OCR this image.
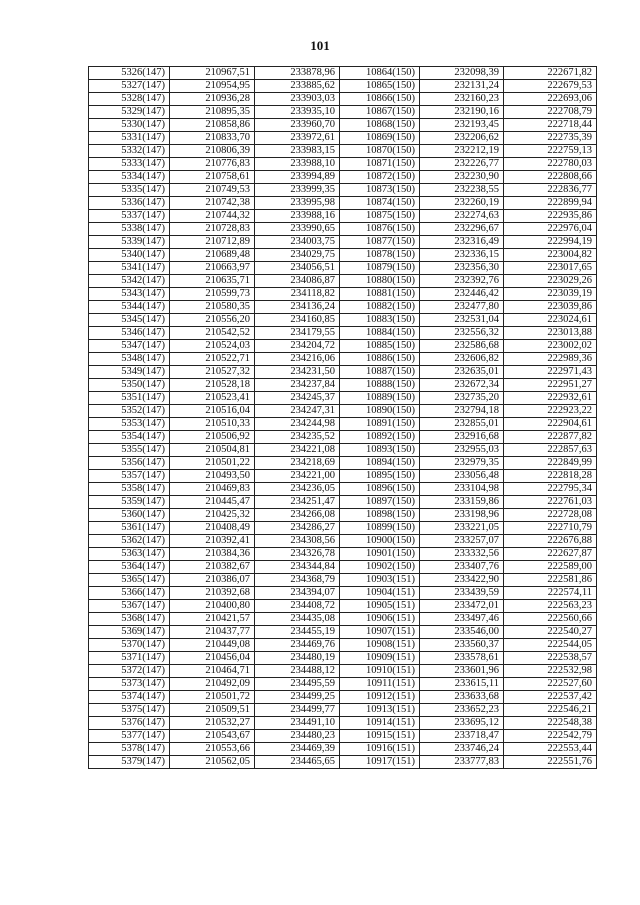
101
5326(147)	210967,51	233878,96	10864(150)	232098,39	222671,82
5327(147)	210954,95	233885,62	10865(150)	232131,24	222679,53
5328(147)	210936,28	233903,03	10866(150)	232160,23	222693,06
5329(147)	210895,35	233935,10	10867(150)	232190,16	222708,79
5330(147)	210858,86	233960,70	10868(150)	232193,45	222718,44
5331(147)	210833,70	233972,61	10869(150)	232206,62	222735,39
5332(147)	210806,39	233983,15	10870(150)	232212,19	222759,13
5333(147)	210776,83	233988,10	10871(150)	232226,77	222780,03
5334(147)	210758,61	233994,89	10872(150)	232230,90	222808,66
5335(147)	210749,53	233999,35	10873(150)	232238,55	222836,77
5336(147)	210742,38	233995,98	10874(150)	232260,19	222899,94
5337(147)	210744,32	233988,16	10875(150)	232274,63	222935,86
5338(147)	210728,83	233990,65	10876(150)	232296,67	222976,04
5339(147)	210712,89	234003,75	10877(150)	232316,49	222994,19
5340(147)	210689,48	234029,75	10878(150)	232336,15	223004,82
5341(147)	210663,97	234056,51	10879(150)	232356,30	223017,65
5342(147)	210635,71	234086,87	10880(150)	232392,76	223029,26
5343(147)	210599,73	234118,82	10881(150)	232446,42	223039,19
5344(147)	210580,35	234136,24	10882(150)	232477,80	223039,86
5345(147)	210556,20	234160,85	10883(150)	232531,04	223024,61
5346(147)	210542,52	234179,55	10884(150)	232556,32	223013,88
5347(147)	210524,03	234204,72	10885(150)	232586,68	223002,02
5348(147)	210522,71	234216,06	10886(150)	232606,82	222989,36
5349(147)	210527,32	234231,50	10887(150)	232635,01	222971,43
5350(147)	210528,18	234237,84	10888(150)	232672,34	222951,27
5351(147)	210523,41	234245,37	10889(150)	232735,20	222932,61
5352(147)	210516,04	234247,31	10890(150)	232794,18	222923,22
5353(147)	210510,33	234244,98	10891(150)	232855,01	222904,61
5354(147)	210506,92	234235,52	10892(150)	232916,68	222877,82
5355(147)	210504,81	234221,08	10893(150)	232955,03	222857,63
5356(147)	210501,22	234218,69	10894(150)	232979,35	222849,99
5357(147)	210493,50	234221,00	10895(150)	233056,48	222818,28
5358(147)	210469,83	234236,05	10896(150)	233104,98	222795,34
5359(147)	210445,47	234251,47	10897(150)	233159,86	222761,03
5360(147)	210425,32	234266,08	10898(150)	233198,96	222728,08
5361(147)	210408,49	234286,27	10899(150)	233221,05	222710,79
5362(147)	210392,41	234308,56	10900(150)	233257,07	222676,88
5363(147)	210384,36	234326,78	10901(150)	233332,56	222627,87
5364(147)	210382,67	234344,84	10902(150)	233407,76	222589,00
5365(147)	210386,07	234368,79	10903(151)	233422,90	222581,86
5366(147)	210392,68	234394,07	10904(151)	233439,59	222574,11
5367(147)	210400,80	234408,72	10905(151)	233472,01	222563,23
5368(147)	210421,57	234435,08	10906(151)	233497,46	222560,66
5369(147)	210437,77	234455,19	10907(151)	233546,00	222540,27
5370(147)	210449,08	234469,76	10908(151)	233560,37	222544,05
5371(147)	210456,04	234480,19	10909(151)	233578,61	222538,57
5372(147)	210464,71	234488,12	10910(151)	233601,96	222532,98
5373(147)	210492,09	234495,59	10911(151)	233615,11	222527,60
5374(147)	210501,72	234499,25	10912(151)	233633,68	222537,42
5375(147)	210509,51	234499,77	10913(151)	233652,23	222546,21
5376(147)	210532,27	234491,10	10914(151)	233695,12	222548,38
5377(147)	210543,67	234480,23	10915(151)	233718,47	222542,79
5378(147)	210553,66	234469,39	10916(151)	233746,24	222553,44
5379(147)	210562,05	234465,65	10917(151)	233777,83	222551,76
